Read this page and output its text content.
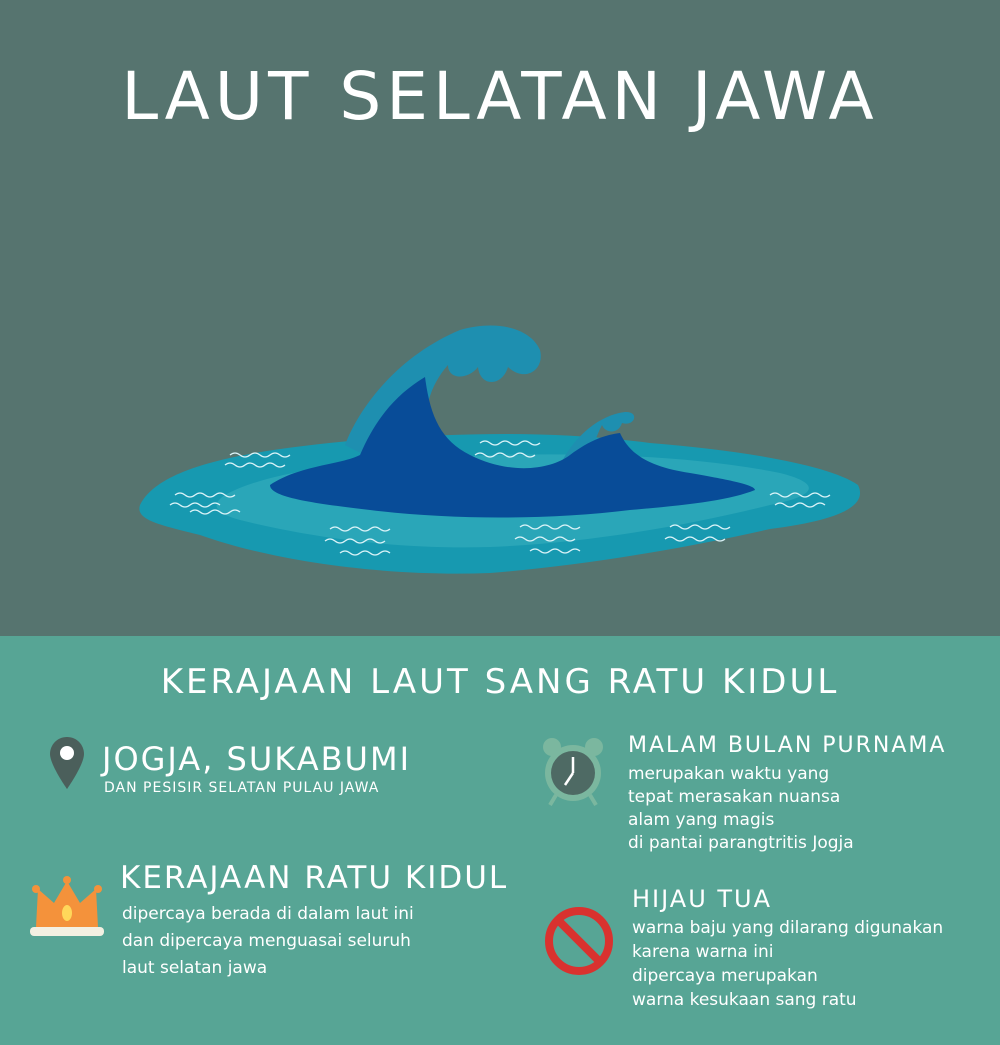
LAUT SELATAN JAWA
KERAJAAN LAUT SANG RATU KIDUL
JOGJA, SUKABUMI
DAN PESISIR SELATAN PULAU JAWA
KERAJAAN RATU KIDUL
dipercaya berada di dalam laut ini
dan dipercaya menguasai seluruh
laut selatan jawa
MALAM BULAN PURNAMA
merupakan waktu yang
tepat merasakan nuansa
alam yang magis
di pantai parangtritis Jogja
HIJAU TUA
warna baju yang dilarang digunakan
karena warna ini
dipercaya merupakan
warna kesukaan sang ratu
